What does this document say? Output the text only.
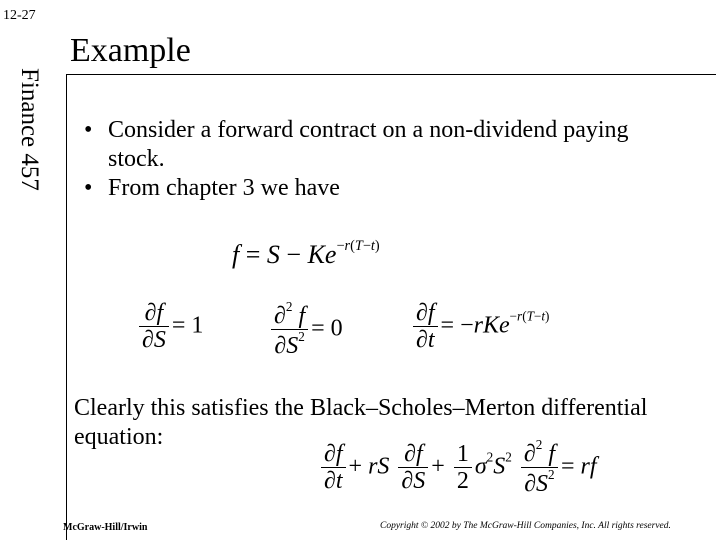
12-27
Example
Finance 457 • Consider a forward contract on a non-dividend paying stock.
• From chapter 3 we have
$f = S - Ke^{-r(T-t)}$
$\frac{\partial f}{\partial S} = 1$	$\frac{\partial^2 f}{\partial S^2} = 0$	$\frac{\partial f}{\partial t} = -rKe^{-r(T-t)}$
Clearly this satisfies the Black–Scholes–Merton differential equation:
$\frac{\partial f}{\partial t}$ + rS $\frac{\partial f}{\partial S} + \frac{1}{2} \sigma^2S^2 \frac{\partial^2 f}{\partial S^2}$ = rf
McGraw-Hill/Irwin	Copyright © 2002 by The McGraw-Hill Companies, Inc. All rights reserved.
